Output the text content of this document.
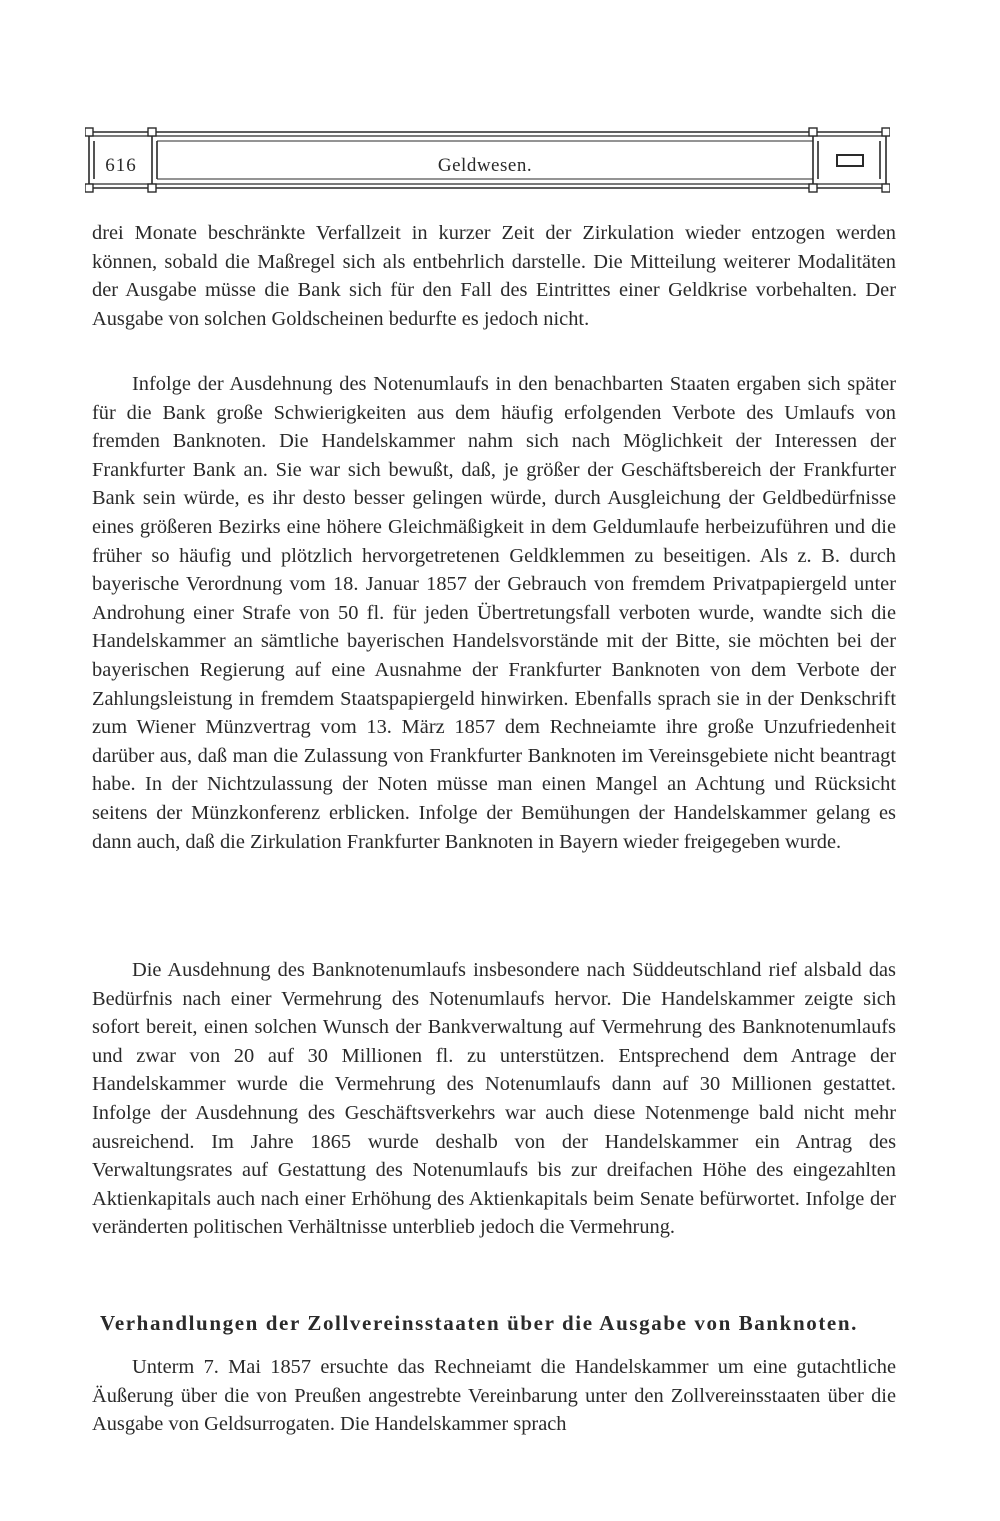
616	Geldwesen.

drei Monate beschränkte Verfallzeit in kurzer Zeit der Zirkulation wieder entzogen werden können, sobald die Maßregel sich als entbehrlich darstelle. Die Mitteilung weiterer Modalitäten der Ausgabe müsse die Bank sich für den Fall des Eintrittes einer Geldkrise vorbehalten. Der Ausgabe von solchen Goldscheinen bedurfte es jedoch nicht.

Infolge der Ausdehnung des Notenumlaufs in den benachbarten Staaten ergaben sich später für die Bank große Schwierigkeiten aus dem häufig erfolgenden Verbote des Umlaufs von fremden Banknoten. Die Handelskammer nahm sich nach Möglichkeit der Interessen der Frankfurter Bank an. Sie war sich bewußt, daß, je größer der Geschäftsbereich der Frankfurter Bank sein würde, es ihr desto besser gelingen würde, durch Ausgleichung der Geldbedürfnisse eines größeren Bezirks eine höhere Gleichmäßigkeit in dem Geldumlaufe herbeizuführen und die früher so häufig und plötzlich hervorgetretenen Geldklemmen zu beseitigen. Als z. B. durch bayerische Verordnung vom 18. Januar 1857 der Gebrauch von fremdem Privatpapiergeld unter Androhung einer Strafe von 50 fl. für jeden Übertretungsfall verboten wurde, wandte sich die Handelskammer an sämtliche bayerischen Handelsvorstände mit der Bitte, sie möchten bei der bayerischen Regierung auf eine Ausnahme der Frankfurter Banknoten von dem Verbote der Zahlungsleistung in fremdem Staatspapiergeld hinwirken. Ebenfalls sprach sie in der Denkschrift zum Wiener Münzvertrag vom 13. März 1857 dem Rechneiamte ihre große Unzufriedenheit darüber aus, daß man die Zulassung von Frankfurter Banknoten im Vereinsgebiete nicht beantragt habe. In der Nichtzulassung der Noten müsse man einen Mangel an Achtung und Rücksicht seitens der Münzkonferenz erblicken. Infolge der Bemühungen der Handelskammer gelang es dann auch, daß die Zirkulation Frankfurter Banknoten in Bayern wieder freigegeben wurde.

Die Ausdehnung des Banknotenumlaufs insbesondere nach Süddeutschland rief alsbald das Bedürfnis nach einer Vermehrung des Notenumlaufs hervor. Die Handelskammer zeigte sich sofort bereit, einen solchen Wunsch der Bankverwaltung auf Vermehrung des Banknotenumlaufs und zwar von 20 auf 30 Millionen fl. zu unterstützen. Entsprechend dem Antrage der Handelskammer wurde die Vermehrung des Notenumlaufs dann auf 30 Millionen gestattet. Infolge der Ausdehnung des Geschäftsverkehrs war auch diese Notenmenge bald nicht mehr ausreichend. Im Jahre 1865 wurde deshalb von der Handelskammer ein Antrag des Verwaltungsrates auf Gestattung des Notenumlaufs bis zur dreifachen Höhe des eingezahlten Aktienkapitals auch nach einer Erhöhung des Aktienkapitals beim Senate befürwortet. Infolge der veränderten politischen Verhältnisse unterblieb jedoch die Vermehrung.

Verhandlungen der Zollvereinsstaaten über die Ausgabe von Banknoten.

Unterm 7. Mai 1857 ersuchte das Rechneiamt die Handelskammer um eine gutachtliche Äußerung über die von Preußen angestrebte Vereinbarung unter den Zollvereinsstaaten über die Ausgabe von Geldsurrogaten. Die Handelskammer sprach
